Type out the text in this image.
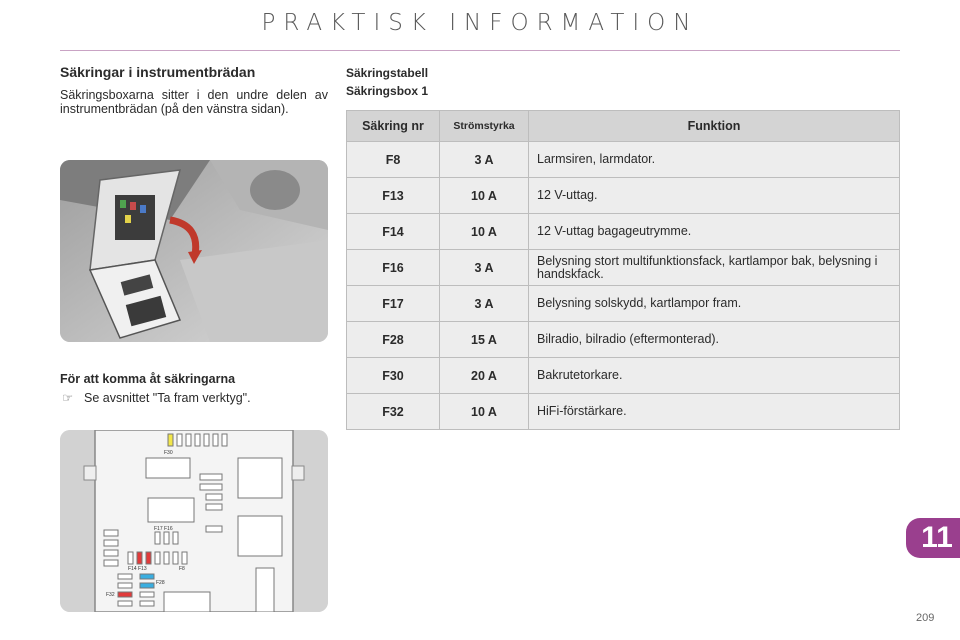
PRAKTISK INFORMATION
Säkringar i instrumentbrädan
Säkringsboxarna sitter i den undre delen av instrumentbrädan (på den vänstra sidan).
För att komma åt säkringarna
☞ Se avsnittet "Ta fram verktyg".
F30
F17 F16
F14 F13	F8
F28
F32
Säkringstabell
Säkringsbox 1
Säkring nr	Strömstyrka	Funktion
F8	3 A	Larmsiren, larmdator.
F13	10 A	12 V-uttag.
F14	10 A	12 V-uttag bagageutrymme.
F16	3 A	Belysning stort multifunktionsfack, kartlampor bak, belysning i handskfack.
F17	3 A	Belysning solskydd, kartlampor fram.
F28	15 A	Bilradio, bilradio (eftermonterad).
F30	20 A	Bakrutetorkare.
F32	10 A	HiFi-förstärkare.
11
209
